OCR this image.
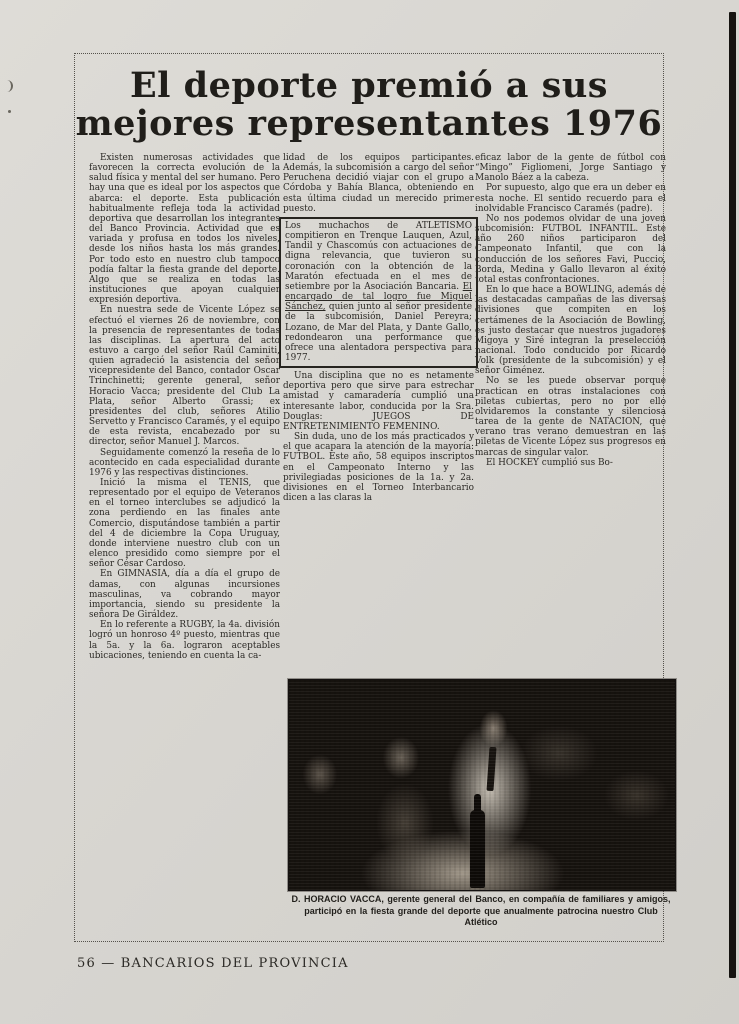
El deporte premió a sus
mejores representantes 1976

Existen numerosas actividades que favorecen la correcta evolución de la salud física y mental del ser humano. Pero hay una que es ideal por los aspectos que abarca: el deporte. Esta publicación habitualmente refleja toda la actividad deportiva que desarrollan los integrantes del Banco Provincia. Actividad que es variada y profusa en todos los niveles, desde los niños hasta los más grandes. Por todo esto en nuestro club tampoco podía faltar la fiesta grande del deporte. Algo que se realiza en todas las instituciones que apoyan cualquier expresión deportiva.

En nuestra sede de Vicente López se efectuó el viernes 26 de noviembre, con la presencia de representantes de todas las disciplinas. La apertura del acto estuvo a cargo del señor Raúl Caminiti, quien agradeció la asistencia del señor vicepresidente del Banco, contador Oscar Trinchinetti; gerente general, señor Horacio Vacca; presidente del Club La Plata, señor Alberto Grassi; ex presidentes del club, señores Atilio Servetto y Francisco Caramés, y el equipo de esta revista, encabezado por su director, señor Manuel J. Marcos.

Seguidamente comenzó la reseña de lo acontecido en cada especialidad durante 1976 y las respectivas distinciones.

Inició la misma el TENIS, que representado por el equipo de Veteranos en el torneo interclubes se adjudicó la zona perdiendo en las finales ante Comercio, disputándose también a partir del 4 de diciembre la Copa Uruguay, donde interviene nuestro club con un elenco presidido como siempre por el señor César Cardoso.

En GIMNASIA, día a día el grupo de damas, con algunas incursiones masculinas, va cobrando mayor importancia, siendo su presidente la señora De Giráldez.

En lo referente a RUGBY, la 4a. división logró un honroso 4º puesto, mientras que la 5a. y la 6a. lograron aceptables ubicaciones, teniendo en cuenta la ca-

lidad de los equipos participantes. Además, la subcomisión a cargo del señor Peruchena decidió viajar con el grupo a Córdoba y Bahía Blanca, obteniendo en esta última ciudad un merecido primer puesto.

Los muchachos de ATLETISMO compitieron en Trenque Lauquen, Azul, Tandil y Chascomús con actuaciones de digna relevancia, que tuvieron su coronación con la obtención de la Maratón efectuada en el mes de setiembre por la Asociación Bancaria. El encargado de tal logro fue Miguel Sánchez, quien junto al señor presidente de la subcomisión, Daniel Pereyra; Lozano, de Mar del Plata, y Dante Gallo, redondearon una performance que ofrece una alentadora perspectiva para 1977.

Una disciplina que no es netamente deportiva pero que sirve para estrechar amistad y camaradería cumplió una interesante labor, conducida por la Sra. Douglas: JUEGOS DE ENTRETENIMIENTO FEMENINO.

Sin duda, uno de los más practicados y el que acapara la atención de la mayoría: FUTBOL. Este año, 58 equipos inscriptos en el Campeonato Interno y las privilegiadas posiciones de la 1a. y 2a. divisiones en el Torneo Interbancario dicen a las claras la

eficaz labor de la gente de fútbol con “Mingo” Figliomeni, Jorge Santiago y Manolo Báez a la cabeza.

Por supuesto, algo que era un deber en esta noche. El sentido recuerdo para el inolvidable Francisco Caramés (padre).

No nos podemos olvidar de una joven subcomisión: FUTBOL INFANTIL. Este año 260 niños participaron del Campeonato Infantil, que con la conducción de los señores Favi, Puccio, Borda, Medina y Gallo llevaron al éxito total estas confrontaciones.

En lo que hace a BOWLING, además de las destacadas campañas de las diversas divisiones que compiten en los certámenes de la Asociación de Bowling, es justo destacar que nuestros jugadores Migoya y Siré integran la preselección nacional. Todo conducido por Ricardo Volk (presidente de la subcomisión) y el señor Giménez.

No se les puede observar porque practican en otras instalaciones con piletas cubiertas, pero no por ello olvidaremos la constante y silenciosa tarea de la gente de NATACION, que verano tras verano demuestran en las piletas de Vicente López sus progresos en marcas de singular valor.

El HOCKEY cumplió sus Bo-

D. HORACIO VACCA, gerente general del Banco, en compañía de familiares y amigos, participó en la fiesta grande del deporte que anualmente patrocina nuestro Club Atlético
56 — BANCARIOS DEL PROVINCIA
